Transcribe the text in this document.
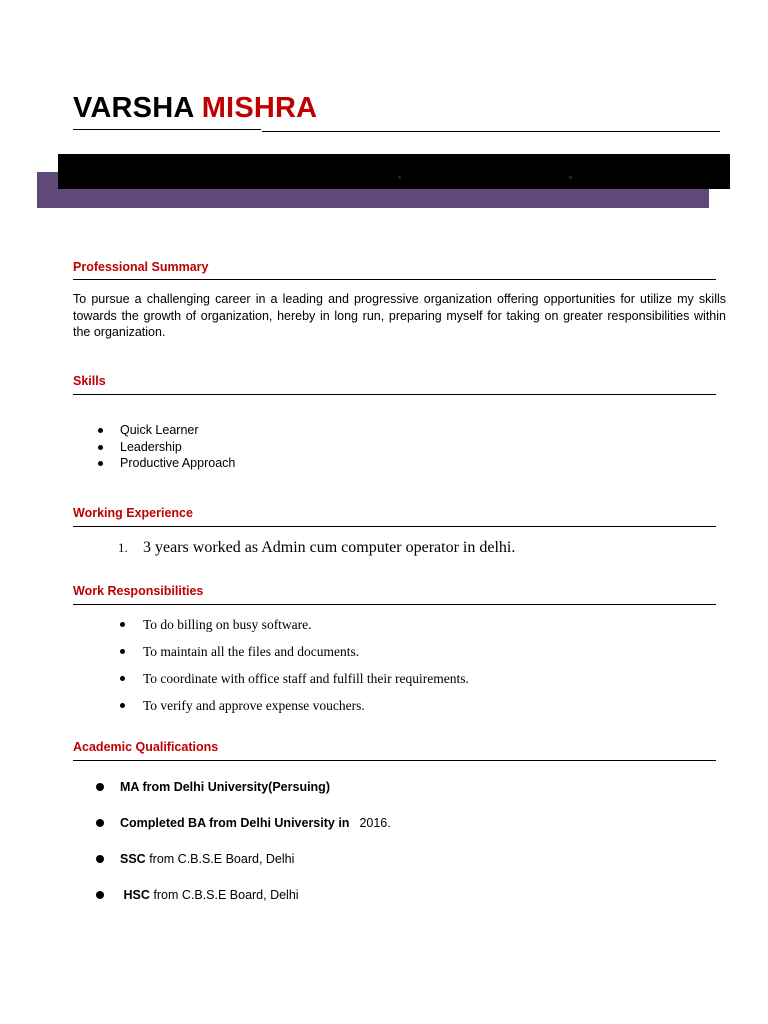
VARSHA MISHRA
Professional Summary
To pursue a challenging career in a leading and progressive organization offering opportunities for utilize my skills towards the growth of organization, hereby in long run, preparing myself for taking on greater responsibilities within the organization.
Skills
Quick Learner
Leadership
Productive Approach
Working Experience
1. 3 years worked as Admin cum computer operator in delhi.
Work Responsibilities
To do billing on busy software.
To maintain all the files and documents.
To coordinate with office staff and fulfill their requirements.
To verify and approve expense vouchers.
Academic Qualifications
MA from Delhi University(Persuing)
Completed BA from Delhi University in 2016.
SSC from C.B.S.E Board, Delhi
HSC from C.B.S.E Board, Delhi
